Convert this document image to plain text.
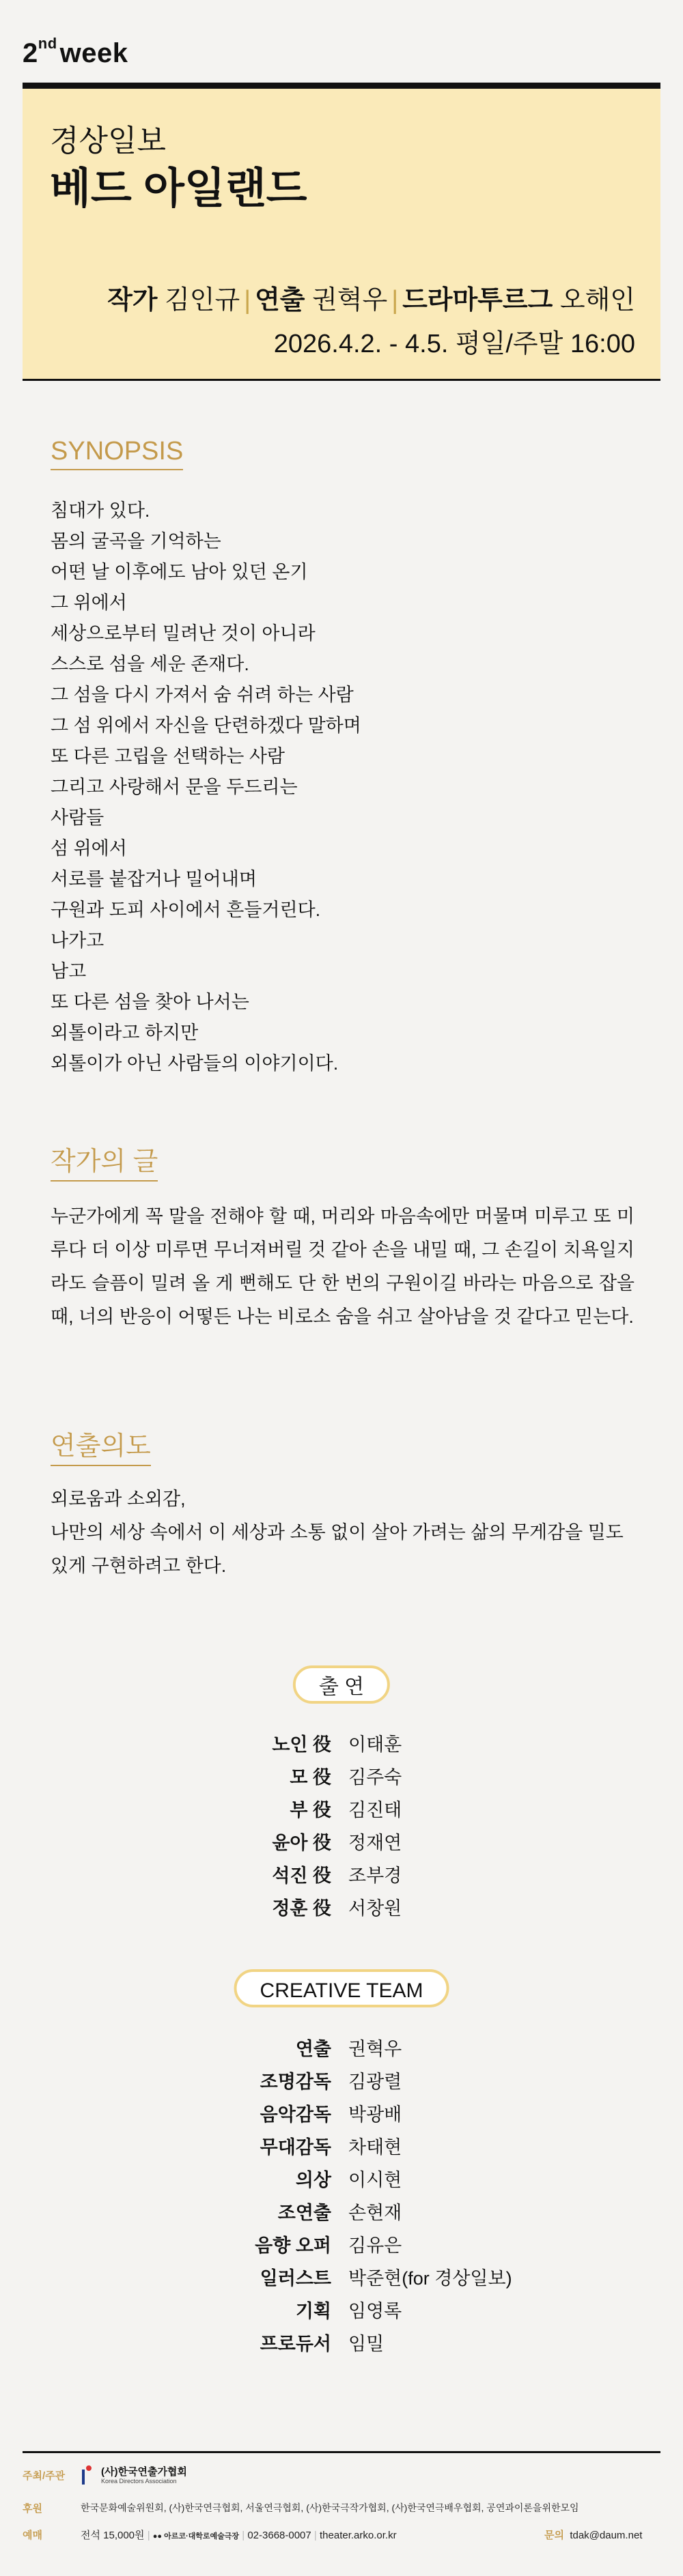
2nd week
경상일보
베드 아일랜드
작가 김인규 | 연출 권혁우 | 드라마투르그 오해인
2026.4.2. - 4.5. 평일/주말 16:00
SYNOPSIS
침대가 있다.
몸의 굴곡을 기억하는
어떤 날 이후에도 남아 있던 온기
그 위에서
세상으로부터 밀려난 것이 아니라
스스로 섬을 세운 존재다.
그 섬을 다시 가져서 숨 쉬려 하는 사람
그 섬 위에서 자신을 단련하겠다 말하며
또 다른 고립을 선택하는 사람
그리고 사랑해서 문을 두드리는
사람들
섬 위에서
서로를 붙잡거나 밀어내며
구원과 도피 사이에서 흔들거린다.
나가고
남고
또 다른 섬을 찾아 나서는
외톨이라고 하지만
외톨이가 아닌 사람들의 이야기이다.
작가의 글

누군가에게 꼭 말을 전해야 할 때, 머리와 마음속에만 머물며 미루고 또 미루다 더 이상 미루면 무너져버릴 것 같아 손을 내밀 때, 그 손길이 치욕일지라도 슬픔이 밀려 올 게 뻔해도 단 한 번의 구원이길 바라는 마음으로 잡을 때, 너의 반응이 어떻든 나는 비로소 숨을 쉬고 살아남을 것 같다고 믿는다.

연출의도
외로움과 소외감,
나만의 세상 속에서 이 세상과 소통 없이 살아 가려는 삶의 무게감을 밀도 있게 구현하려고 한다.
출 연
노인 役 이태훈
모 役 김주숙
부 役 김진태
윤아 役 정재연
석진 役 조부경
정훈 役 서창원
CREATIVE TEAM
연출 권혁우
조명감독 김광렬
음악감독 박광배
무대감독 차태현
의상 이시현
조연출 손현재
음향 오퍼 김유은
일러스트 박준현(for 경상일보)
기획 임영록
프로듀서 임밀
주최/주관	(사)한국연출가협회
Korea Directors Association
후원	한국문화예술위원회, (사)한국연극협회, 서울연극협회, (사)한국극작가협회, (사)한국연극배우협회, 공연과이론을위한모임
예매	전석 15,000원 | ●● 아르코·대학로예술극장 | 02-3668-0007 | theater.arko.or.kr	문의 tdak@daum.net
